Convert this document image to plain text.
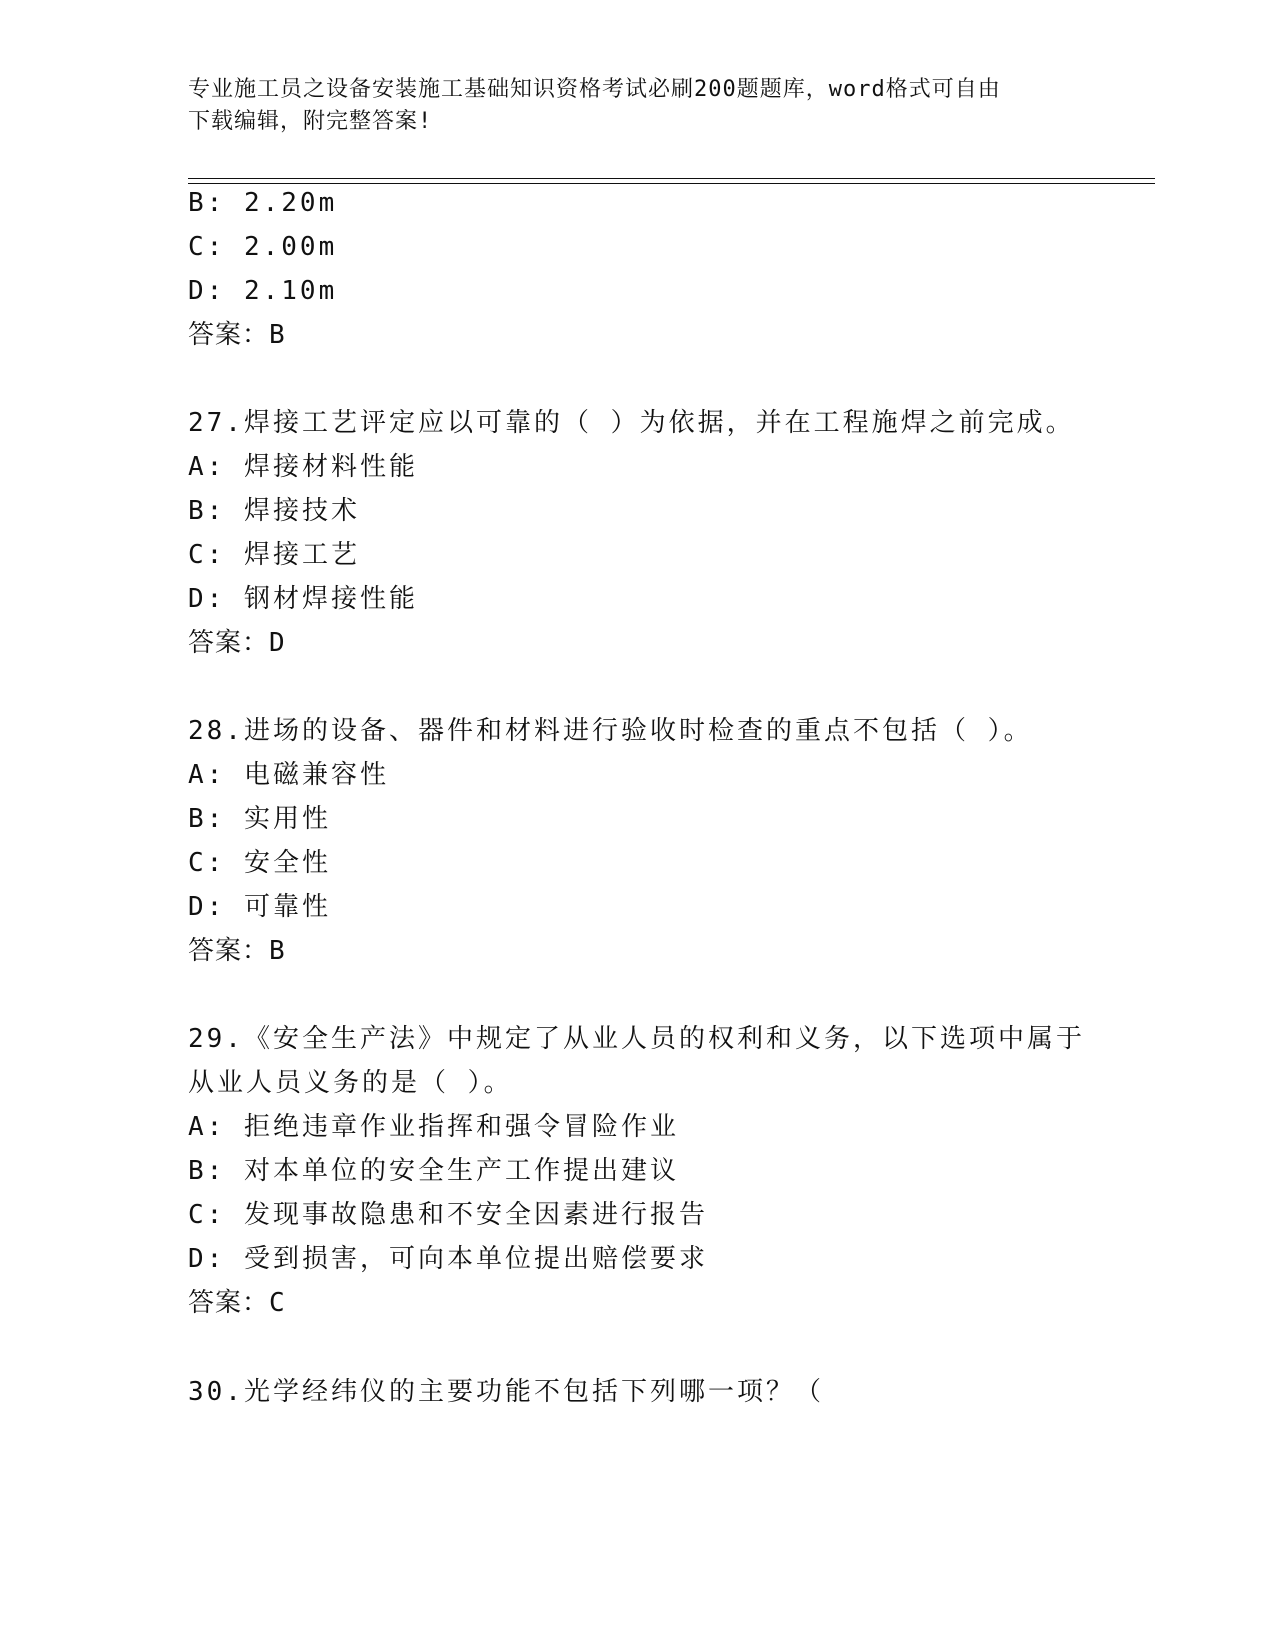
专业施工员之设备安装施工基础知识资格考试必刷200题题库，word格式可自由
下载编辑，附完整答案!
B: 2.20m
C: 2.00m
D: 2.10m
答案：B
27.焊接工艺评定应以可靠的（ ）为依据，并在工程施焊之前完成。
A: 焊接材料性能
B: 焊接技术
C: 焊接工艺
D: 钢材焊接性能
答案：D
28.进场的设备、器件和材料进行验收时检查的重点不包括（ ）。
A: 电磁兼容性
B: 实用性
C: 安全性
D: 可靠性
答案：B
29.《安全生产法》中规定了从业人员的权利和义务，以下选项中属于
从业人员义务的是（ ）。
A: 拒绝违章作业指挥和强令冒险作业
B: 对本单位的安全生产工作提出建议
C: 发现事故隐患和不安全因素进行报告
D: 受到损害，可向本单位提出赔偿要求
答案：C
30.光学经纬仪的主要功能不包括下列哪一项？（
